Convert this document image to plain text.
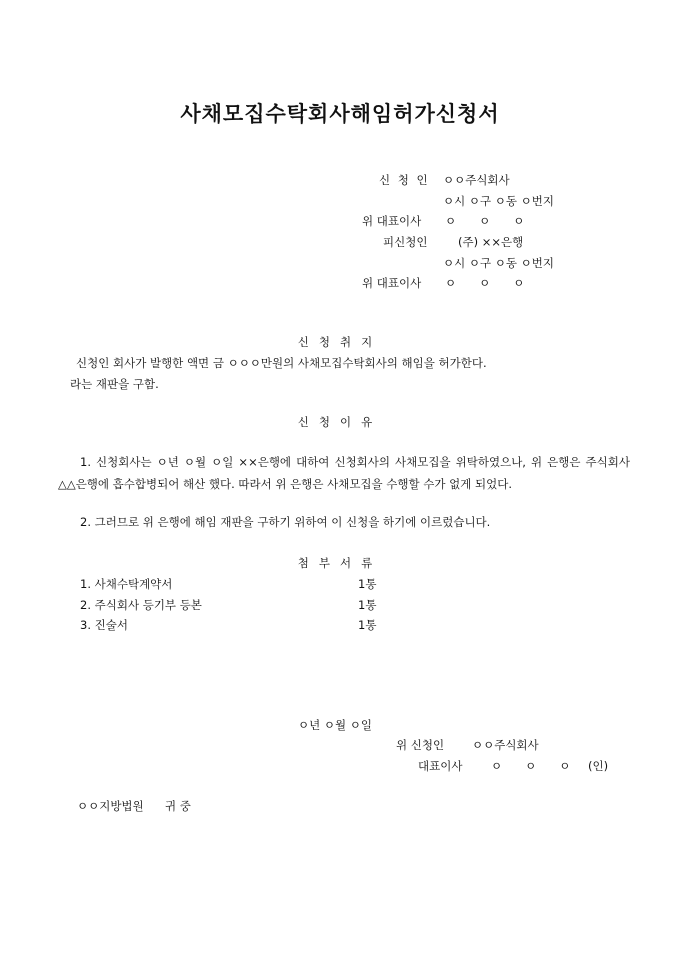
사채모집수탁회사해임허가신청서
신 청 인 ㅇㅇ주식회사
ㅇ시 ㅇ구 ㅇ동 ㅇ번지
위 대표이사 ㅇ　　ㅇ　　ㅇ
피신청인	(주) ××은행
ㅇ시 ㅇ구 ㅇ동 ㅇ번지
위 대표이사 ㅇ　　ㅇ　　ㅇ
신청취지
신청인 회사가 발행한 액면 금 ㅇㅇㅇ만원의 사채모집수탁회사의 해임을 허가한다.
라는 재판을 구함.
신청이유
1. 신청회사는 ㅇ년 ㅇ월 ㅇ일 ××은행에 대하여 신청회사의 사채모집을 위탁하였으나, 위 은행은 주식회사 △△은행에 흡수합병되어 해산 했다. 따라서 위 은행은 사채모집을 수행할 수가 없게 되었다.
2. 그러므로 위 은행에 해임 재판을 구하기 위하여 이 신청을 하기에 이르렀습니다.
첨부서류
1. 사채수탁계약서	1통
2. 주식회사 등기부 등본	1통
3. 진술서	1통
ㅇ년 ㅇ월 ㅇ일
위 신청인 ㅇㅇ주식회사
대표이사 ㅇ　　ㅇ　　ㅇ (인)
ㅇㅇ지방법원 귀 중
